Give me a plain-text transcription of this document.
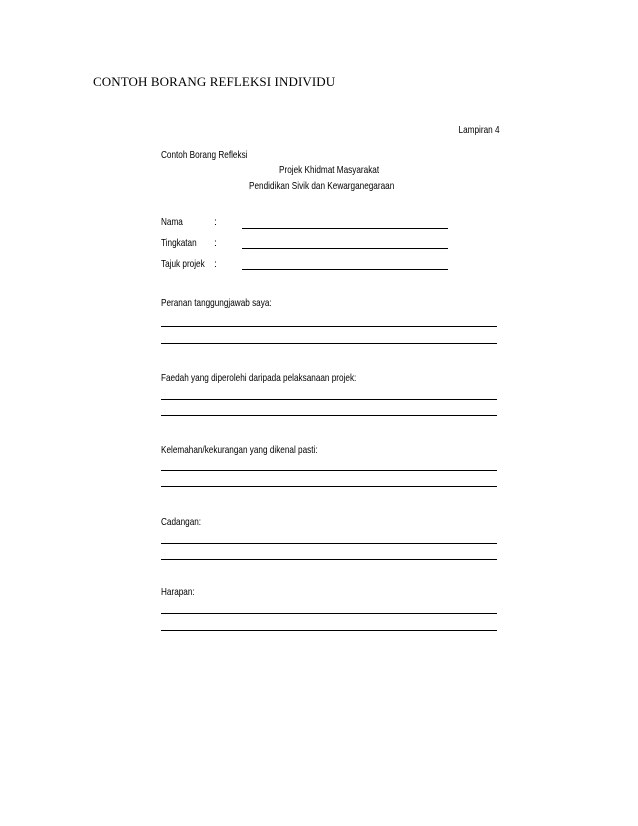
CONTOH BORANG REFLEKSI INDIVIDU
Lampiran 4
Contoh Borang Refleksi
Projek Khidmat Masyarakat
Pendidikan Sivik dan Kewarganegaraan
Nama	:
Tingkatan	:
Tajuk projek :
Peranan tanggungjawab saya:
Faedah yang diperolehi daripada pelaksanaan projek:
Kelemahan/kekurangan yang dikenal pasti:
Cadangan:
Harapan:
